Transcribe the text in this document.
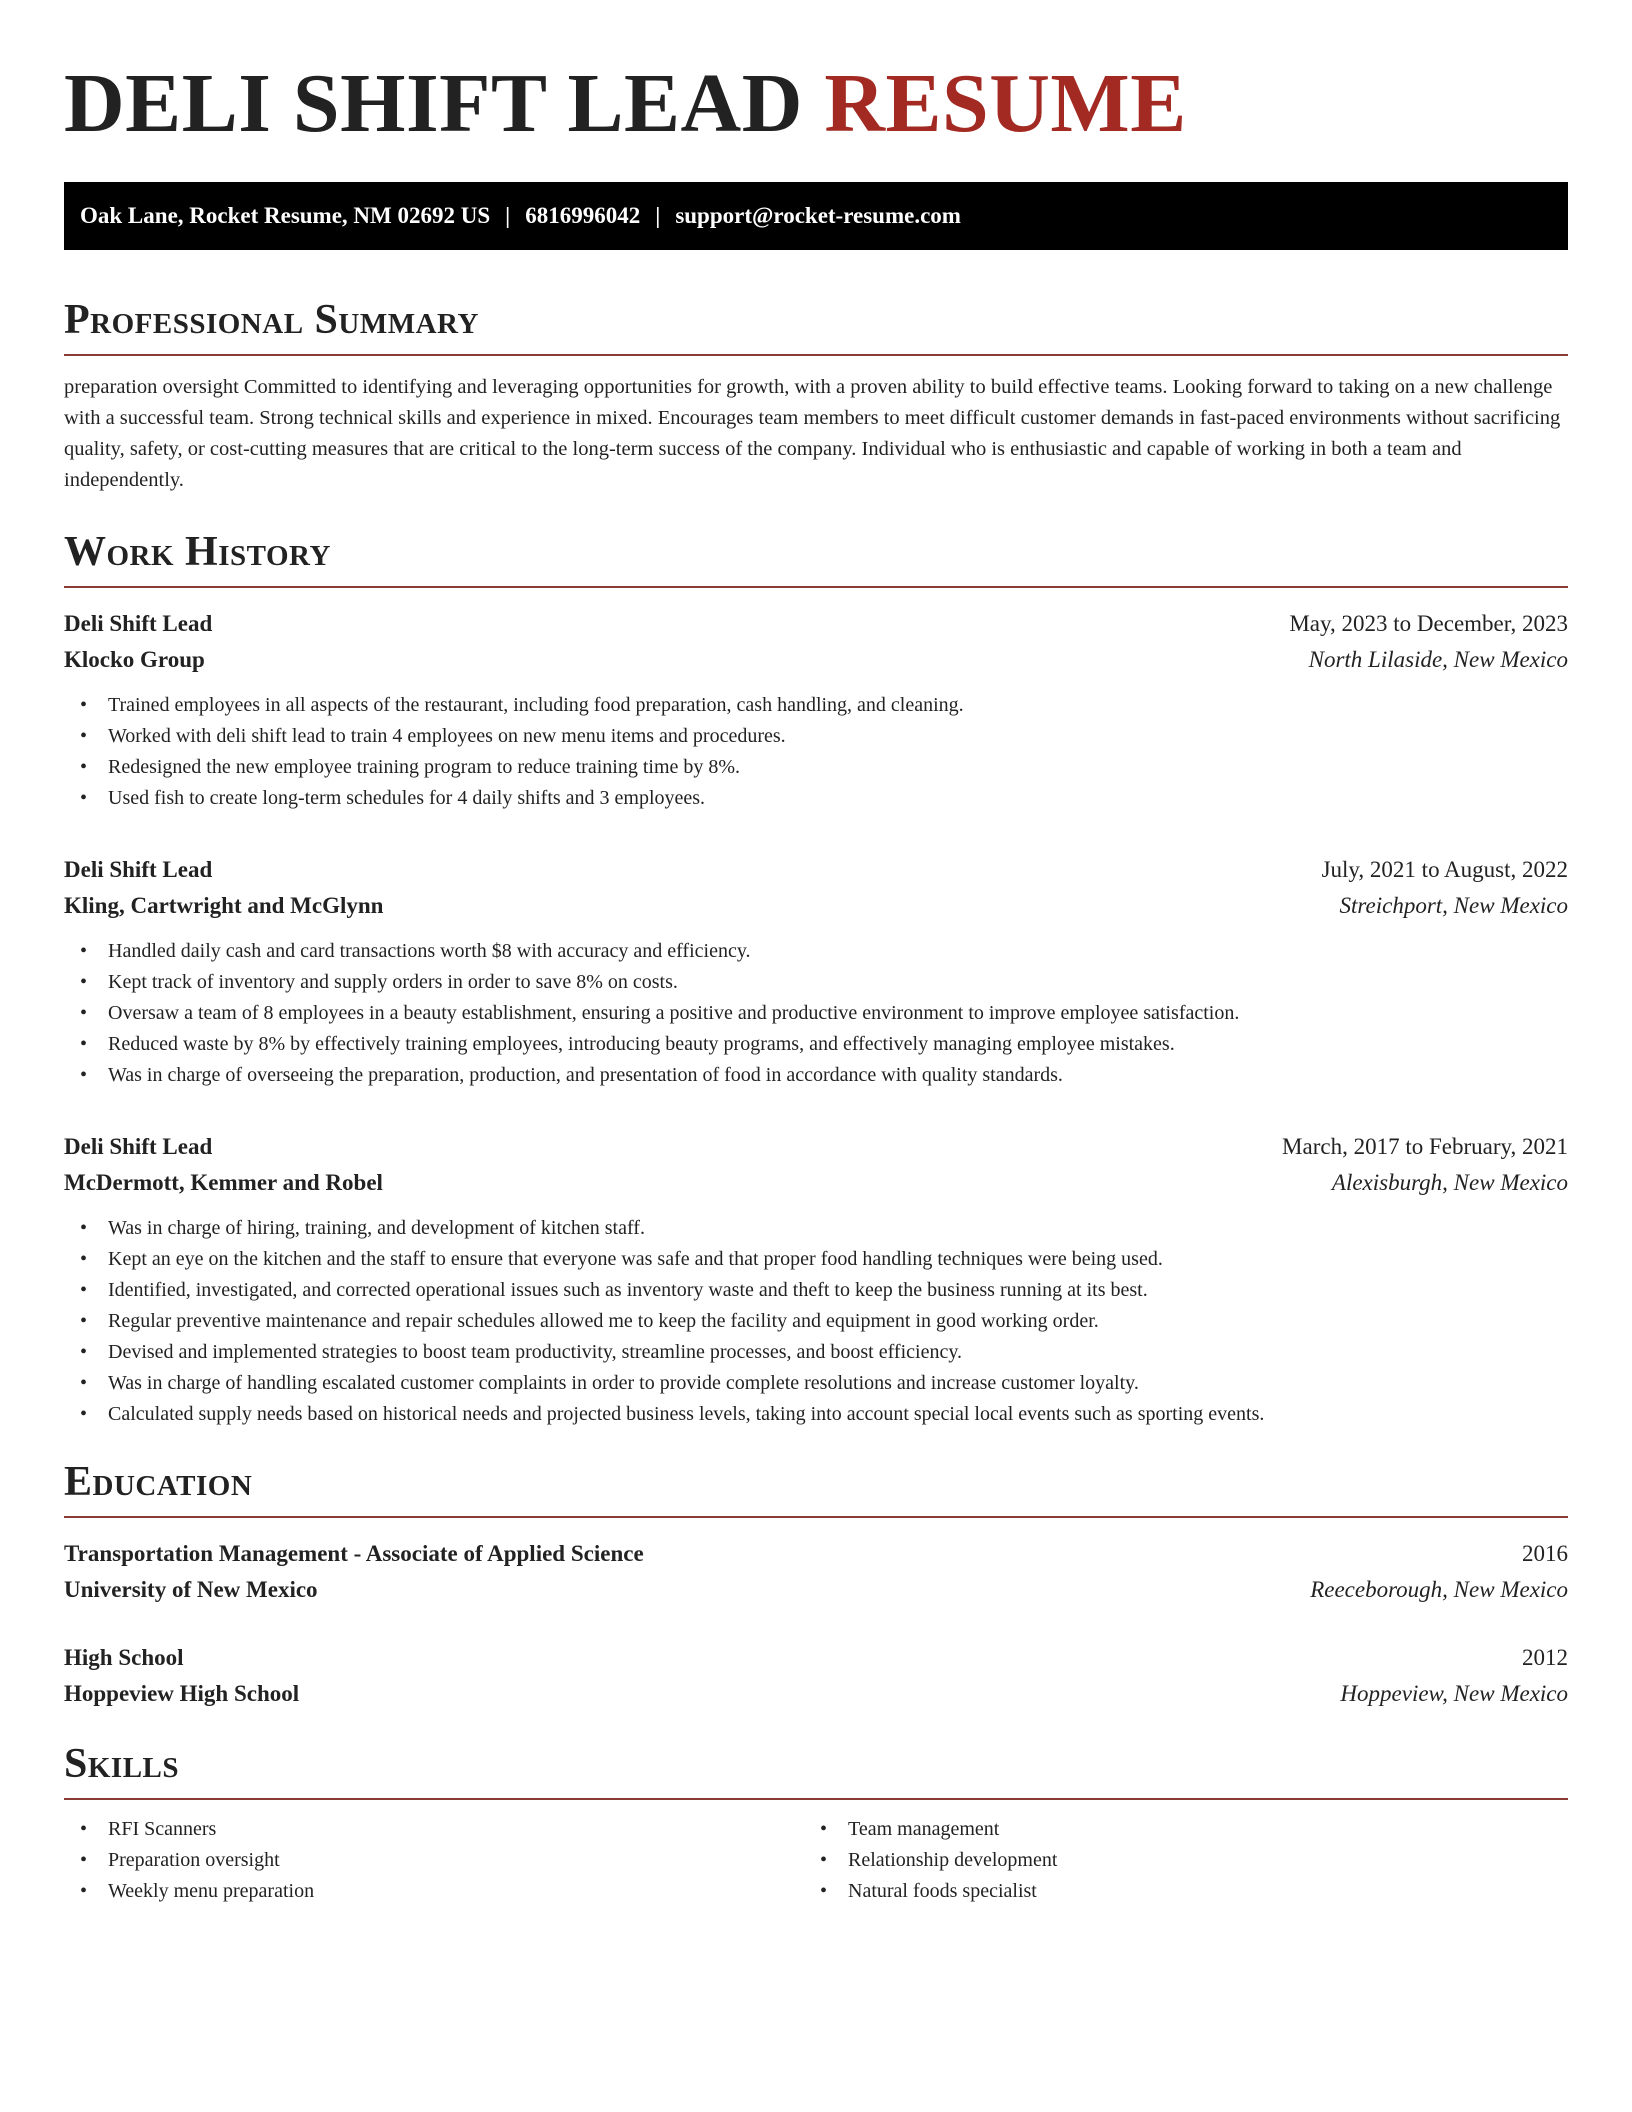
DELI SHIFT LEAD RESUME
Oak Lane, Rocket Resume, NM 02692 US | 6816996042 | support@rocket-resume.com
Professional Summary
preparation oversight Committed to identifying and leveraging opportunities for growth, with a proven ability to build effective teams. Looking forward to taking on a new challenge with a successful team. Strong technical skills and experience in mixed. Encourages team members to meet difficult customer demands in fast-paced environments without sacrificing quality, safety, or cost-cutting measures that are critical to the long-term success of the company. Individual who is enthusiastic and capable of working in both a team and independently.
Work History
Deli Shift Lead	May, 2023 to December, 2023
Klocko Group	North Lilaside, New Mexico
• Trained employees in all aspects of the restaurant, including food preparation, cash handling, and cleaning.
• Worked with deli shift lead to train 4 employees on new menu items and procedures.
• Redesigned the new employee training program to reduce training time by 8%.
• Used fish to create long-term schedules for 4 daily shifts and 3 employees.
Deli Shift Lead	July, 2021 to August, 2022
Kling, Cartwright and McGlynn	Streichport, New Mexico
• Handled daily cash and card transactions worth $8 with accuracy and efficiency.
• Kept track of inventory and supply orders in order to save 8% on costs.
• Oversaw a team of 8 employees in a beauty establishment, ensuring a positive and productive environment to improve employee satisfaction.
• Reduced waste by 8% by effectively training employees, introducing beauty programs, and effectively managing employee mistakes.
• Was in charge of overseeing the preparation, production, and presentation of food in accordance with quality standards.
Deli Shift Lead	March, 2017 to February, 2021
McDermott, Kemmer and Robel	Alexisburgh, New Mexico
• Was in charge of hiring, training, and development of kitchen staff.
• Kept an eye on the kitchen and the staff to ensure that everyone was safe and that proper food handling techniques were being used.
• Identified, investigated, and corrected operational issues such as inventory waste and theft to keep the business running at its best.
• Regular preventive maintenance and repair schedules allowed me to keep the facility and equipment in good working order.
• Devised and implemented strategies to boost team productivity, streamline processes, and boost efficiency.
• Was in charge of handling escalated customer complaints in order to provide complete resolutions and increase customer loyalty.
• Calculated supply needs based on historical needs and projected business levels, taking into account special local events such as sporting events.
Education
Transportation Management - Associate of Applied Science	2016
University of New Mexico	Reeceborough, New Mexico
High School	2012
Hoppeview High School	Hoppeview, New Mexico
Skills
• RFI Scanners
• Preparation oversight
• Weekly menu preparation
• Team management
• Relationship development
• Natural foods specialist
